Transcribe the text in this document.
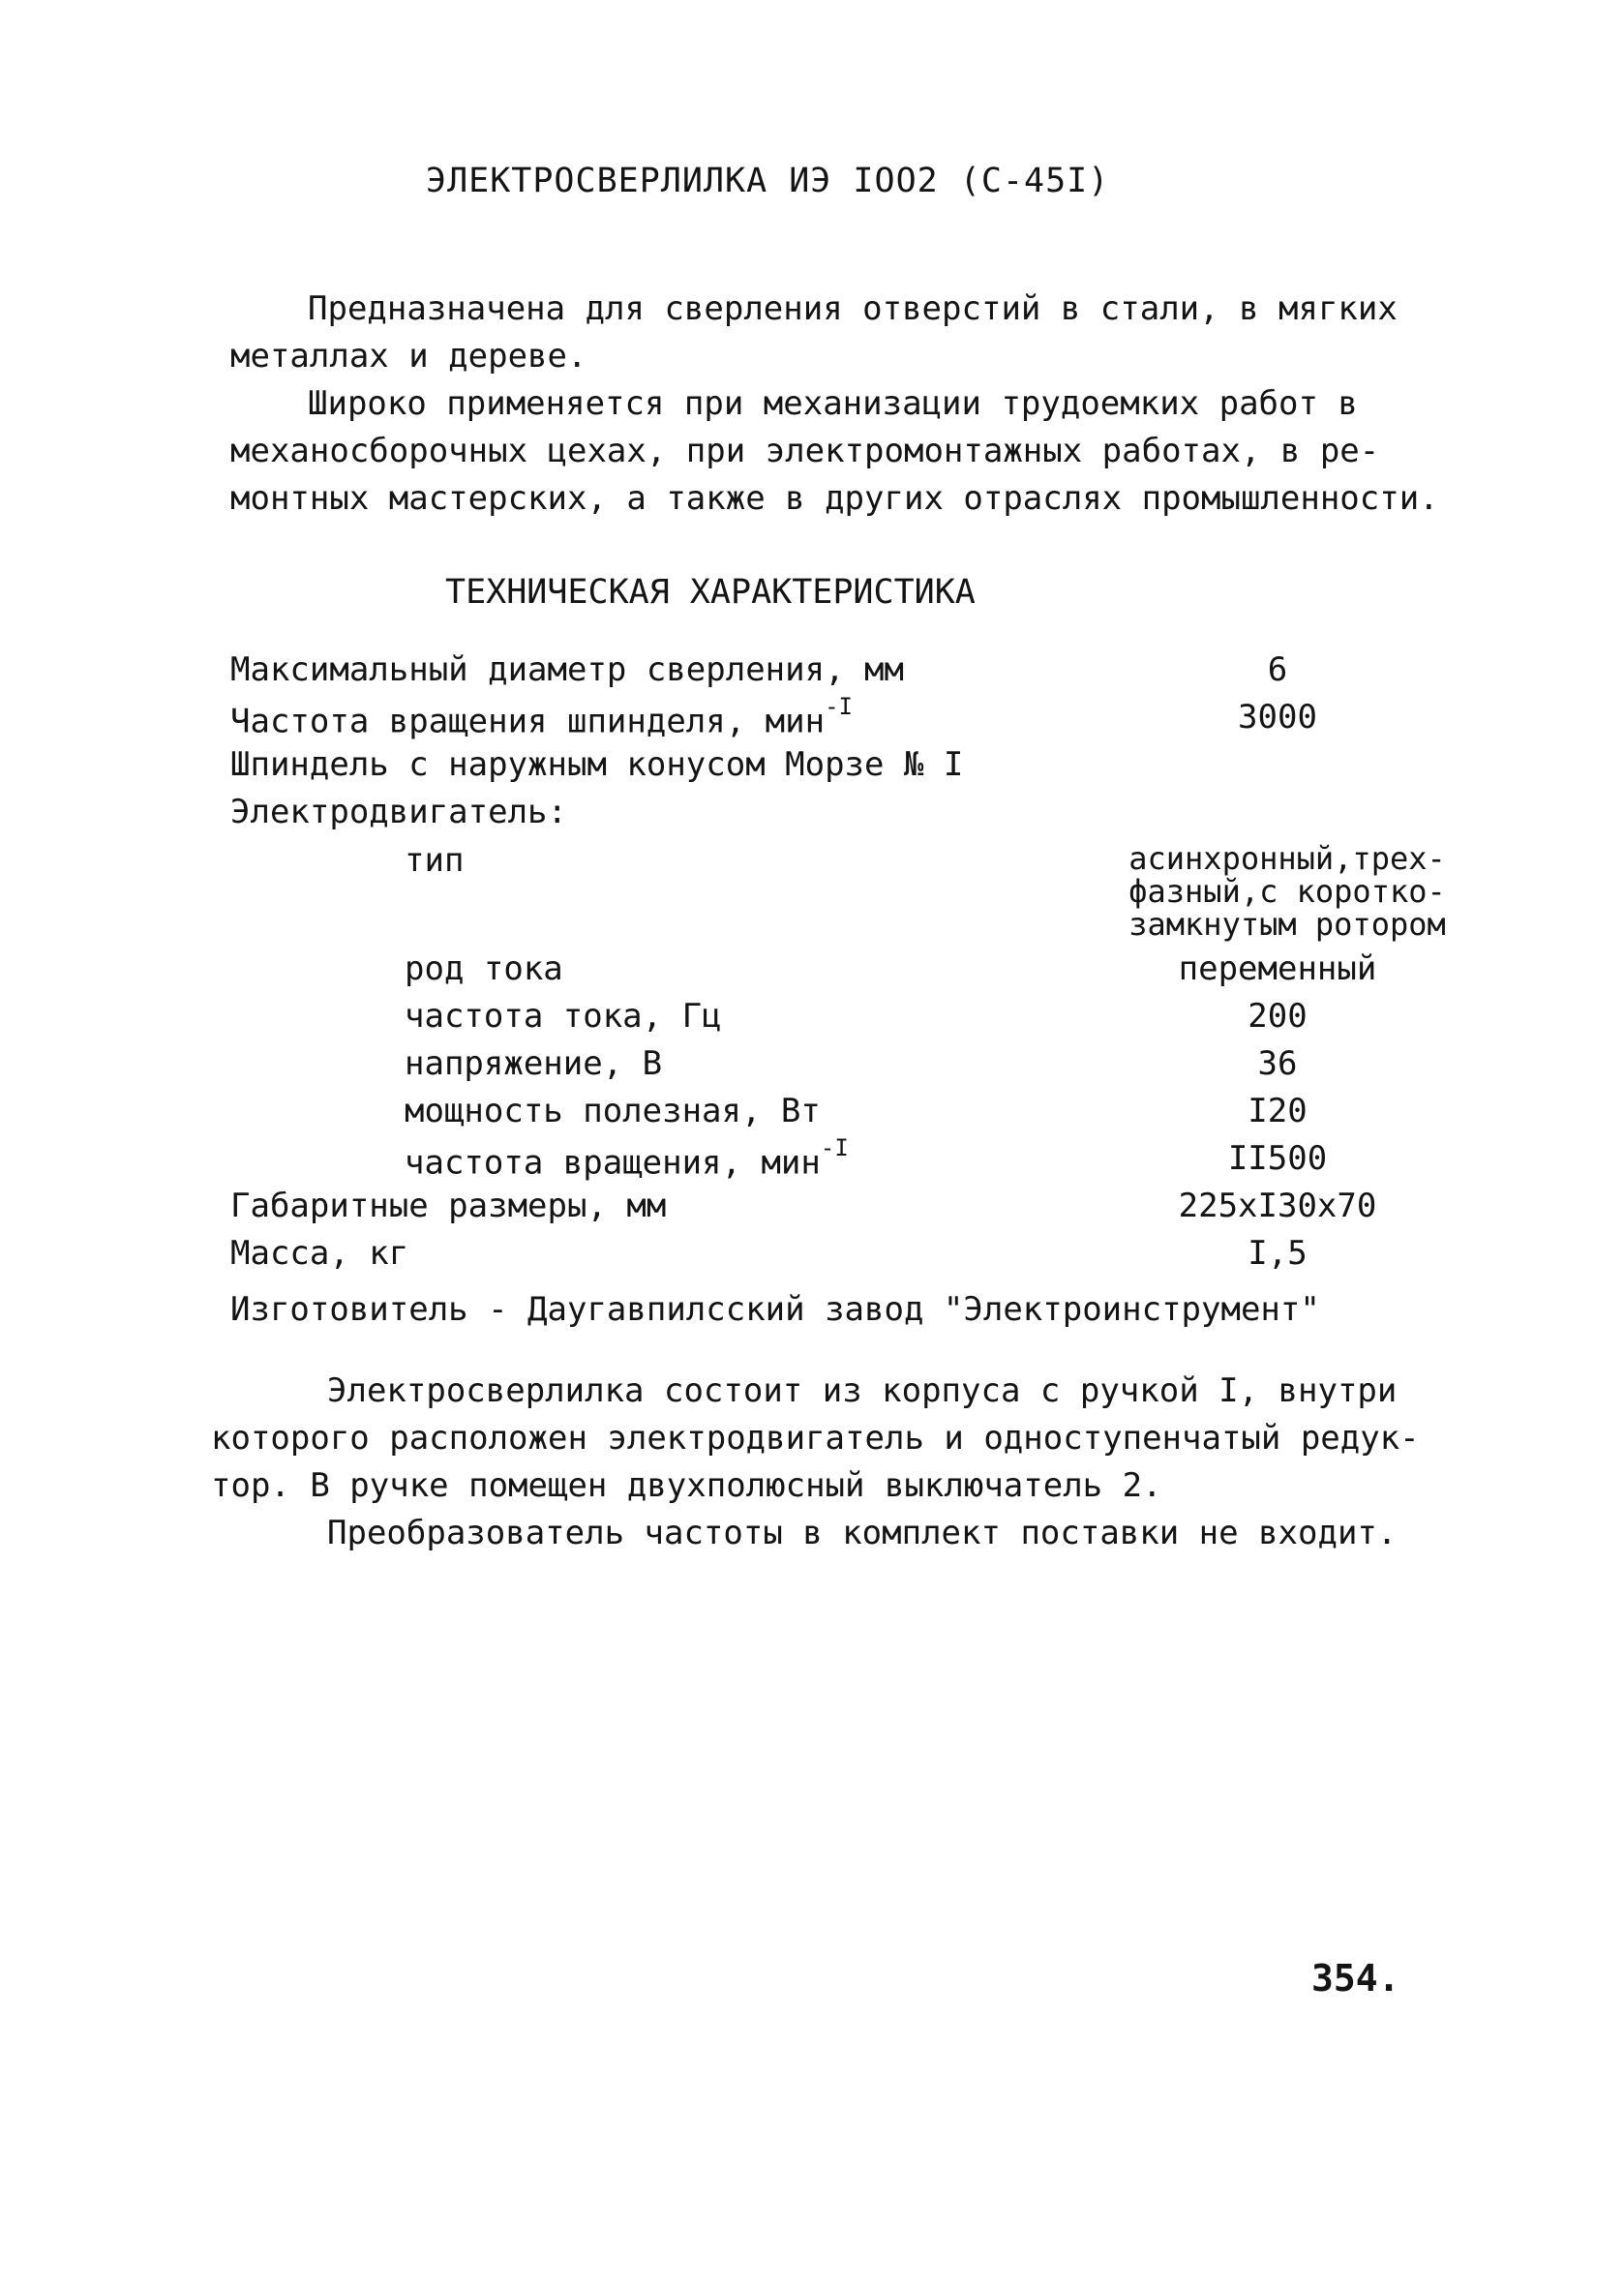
ЭЛЕКТРОСВЕРЛИЛКА ИЭ IOO2 (С-45I)
Предназначена для сверления отверстий в стали, в мягких
металлах и дереве.
Широко применяется при механизации трудоемких работ в
механосборочных цехах, при электромонтажных работах, в ре-
монтных мастерских, а также в других отраслях промышленности.
ТЕХНИЧЕСКАЯ ХАРАКТЕРИСТИКА
Максимальный диаметр сверления, мм	6
Частота вращения шпинделя, мин$^{-I}$	3000
Шпиндель с наружным конусом Морзе № I
Электродвигатель:
тип	асинхронный,трех-
фазный,с коротко-
замкнутым ротором
род тока	переменный
частота тока, Гц	200
напряжение, В	36
мощность полезная, Вт	I20
частота вращения, мин$^{-I}$	II500
Габаритные размеры, мм	225хI30х70
Масса, кг	I,5
Изготовитель - Даугавпилсский завод "Электроинструмент"
Электросверлилка состоит из корпуса с ручкой I, внутри
которого расположен электродвигатель и одноступенчатый редук-
тор. В ручке помещен двухполюсный выключатель 2.
Преобразователь частоты в комплект поставки не входит.
354.
